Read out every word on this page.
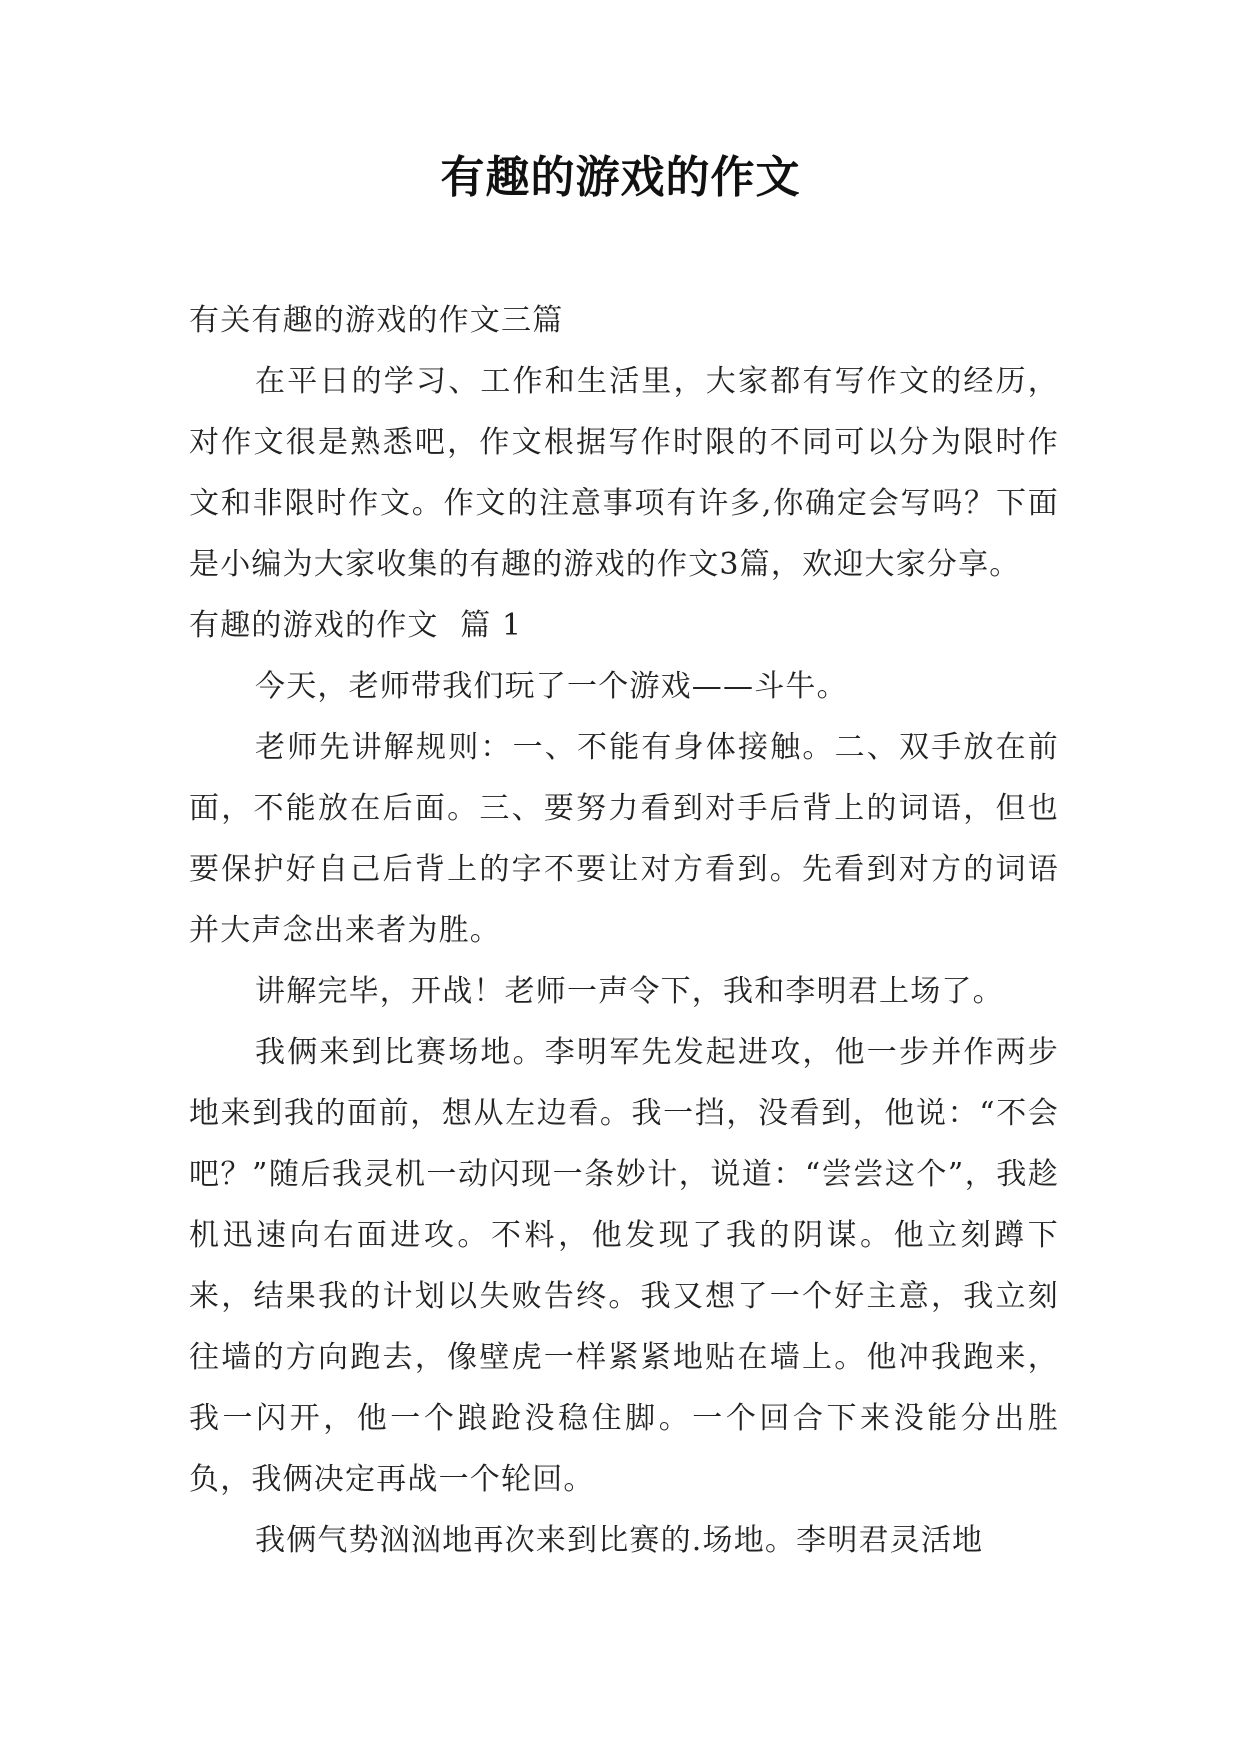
有趣的游戏的作文

有关有趣的游戏的作文三篇

在平日的学习、工作和生活里，大家都有写作文的经历，对作文很是熟悉吧，作文根据写作时限的不同可以分为限时作文和非限时作文。作文的注意事项有许多,你确定会写吗？下面是小编为大家收集的有趣的游戏的作文3篇，欢迎大家分享。

有趣的游戏的作文  篇 1

今天，老师带我们玩了一个游戏——斗牛。

老师先讲解规则：一、不能有身体接触。二、双手放在前面，不能放在后面。三、要努力看到对手后背上的词语，但也要保护好自己后背上的字不要让对方看到。先看到对方的词语并大声念出来者为胜。

讲解完毕，开战！老师一声令下，我和李明君上场了。

我俩来到比赛场地。李明军先发起进攻，他一步并作两步地来到我的面前，想从左边看。我一挡，没看到，他说：“不会吧？”随后我灵机一动闪现一条妙计，说道：“尝尝这个”，我趁机迅速向右面进攻。不料，他发现了我的阴谋。他立刻蹲下来，结果我的计划以失败告终。我又想了一个好主意，我立刻往墙的方向跑去，像壁虎一样紧紧地贴在墙上。他冲我跑来，我一闪开，他一个踉跄没稳住脚。一个回合下来没能分出胜负，我俩决定再战一个轮回。

我俩气势汹汹地再次来到比赛的.场地。李明君灵活地
